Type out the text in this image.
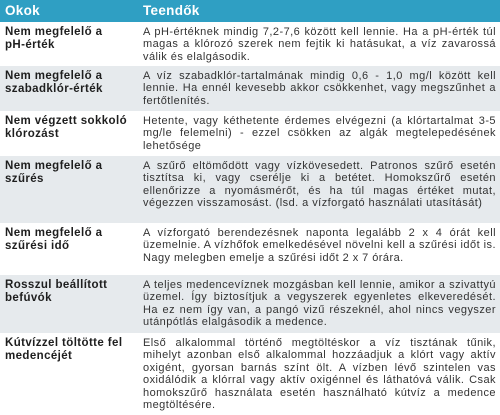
Okok	Teendők
Nem megfelelő a
pH-érték
A pH-értéknek mindig 7,2-7,6 között kell lennie. Ha a pH-érték túl magas a klórozó szerek nem fejtik ki hatásukat, a víz zavarossá válik és elalgásodik.
Nem megfelelő a
szabadklór-érték
A víz szabadklór-tartalmának mindig 0,6 - 1,0 mg/l között kell lennie. Ha ennél kevesebb akkor csökkenhet, vagy megszűnhet a fertőtlenítés.
Nem végzett sokkoló
klórozást
Hetente, vagy kéthetente érdemes elvégezni (a klórtartalmat 3-5 mg/le felemelni) - ezzel csökken az algák megtelepedésének lehetősége
Nem megfelelő a
szűrés
A szűrő eltömődött vagy vízkövesedett. Patronos szűrő esetén tisztítsa ki, vagy cserélje ki a betétet. Homokszűrő esetén ellenőrizze a nyomásmérőt, és ha túl magas értéket mutat, végezzen visszamosást. (lsd. a vízforgató használati utasítását)
Nem megfelelő a
szűrési idő
A vízforgató berendezésnek naponta legalább 2 x 4 órát kell üzemelnie. A vízhőfok emelkedésével növelni kell a szűrési időt is. Nagy melegben emelje a szűrési időt 2 x 7 órára.
Rosszul beállított
befúvók
A teljes medencevíznek mozgásban kell lennie, amikor a szivattyú üzemel. Így biztosítjuk a vegyszerek egyenletes elkeveredését. Ha ez nem így van, a pangó vizű részeknél, ahol nincs vegyszer utánpótlás elalgásodik a medence.
Kútvízzel töltötte fel
medencéjét
Első alkalommal történő megtöltéskor a víz tisztának tűnik, mihelyt azonban első alkalommal hozzáadjuk a klórt vagy aktív oxigént, gyorsan barnás színt ölt. A vízben lévő szintelen vas oxidálódik a klórral vagy aktív oxigénnel és láthatóvá válik. Csak homokszűrő használata esetén használható kútvíz a medence megtöltésére.
